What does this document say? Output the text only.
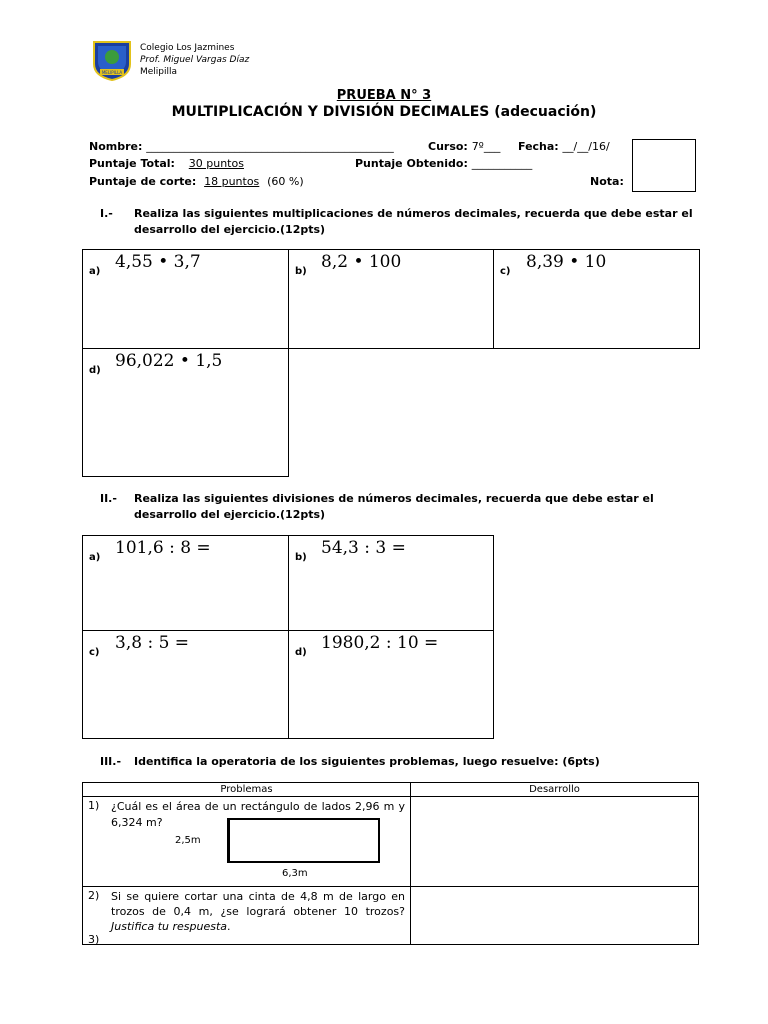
MELIPILLA
Colegio Los Jazmines
Prof. Miguel Vargas Díaz
Melipilla
PRUEBA N° 3
MULTIPLICACIÓN Y DIVISIÓN DECIMALES (adecuación)
Nombre: _____________________________________________	Curso: 7º___ Fecha: __/__/16/
Puntaje Total: 30 puntos	Puntaje Obtenido: ___________
Puntaje de corte: 18 puntos (60 %)	Nota:
I.- Realiza las siguientes multiplicaciones de números decimales, recuerda que debe estar el desarrollo del ejercicio.(12pts)
a) 4,55 • 3,7	b) 8,2 • 100	c) 8,39 • 10

d) 96,022 • 1,5		

II.- Realiza las siguientes divisiones de números decimales, recuerda que debe estar el desarrollo del ejercicio.(12pts)
a) 101,6 : 8 =	b) 54,3 : 3 =

c) 3,8 : 5 =	d) 1980,2 : 10 =
III.- Identifica la operatoria de los siguientes problemas, luego resuelve: (6pts)
Problemas	Desarrollo

1) ¿Cuál es el área de un rectángulo de lados 2,96 m y 6,324 m?
2,5m
6,3m	

2) Si se quiere cortar una cinta de 4,8 m de largo en trozos de 0,4 m, ¿se logrará obtener 10 trozos? Justifica tu respuesta.
3)	
